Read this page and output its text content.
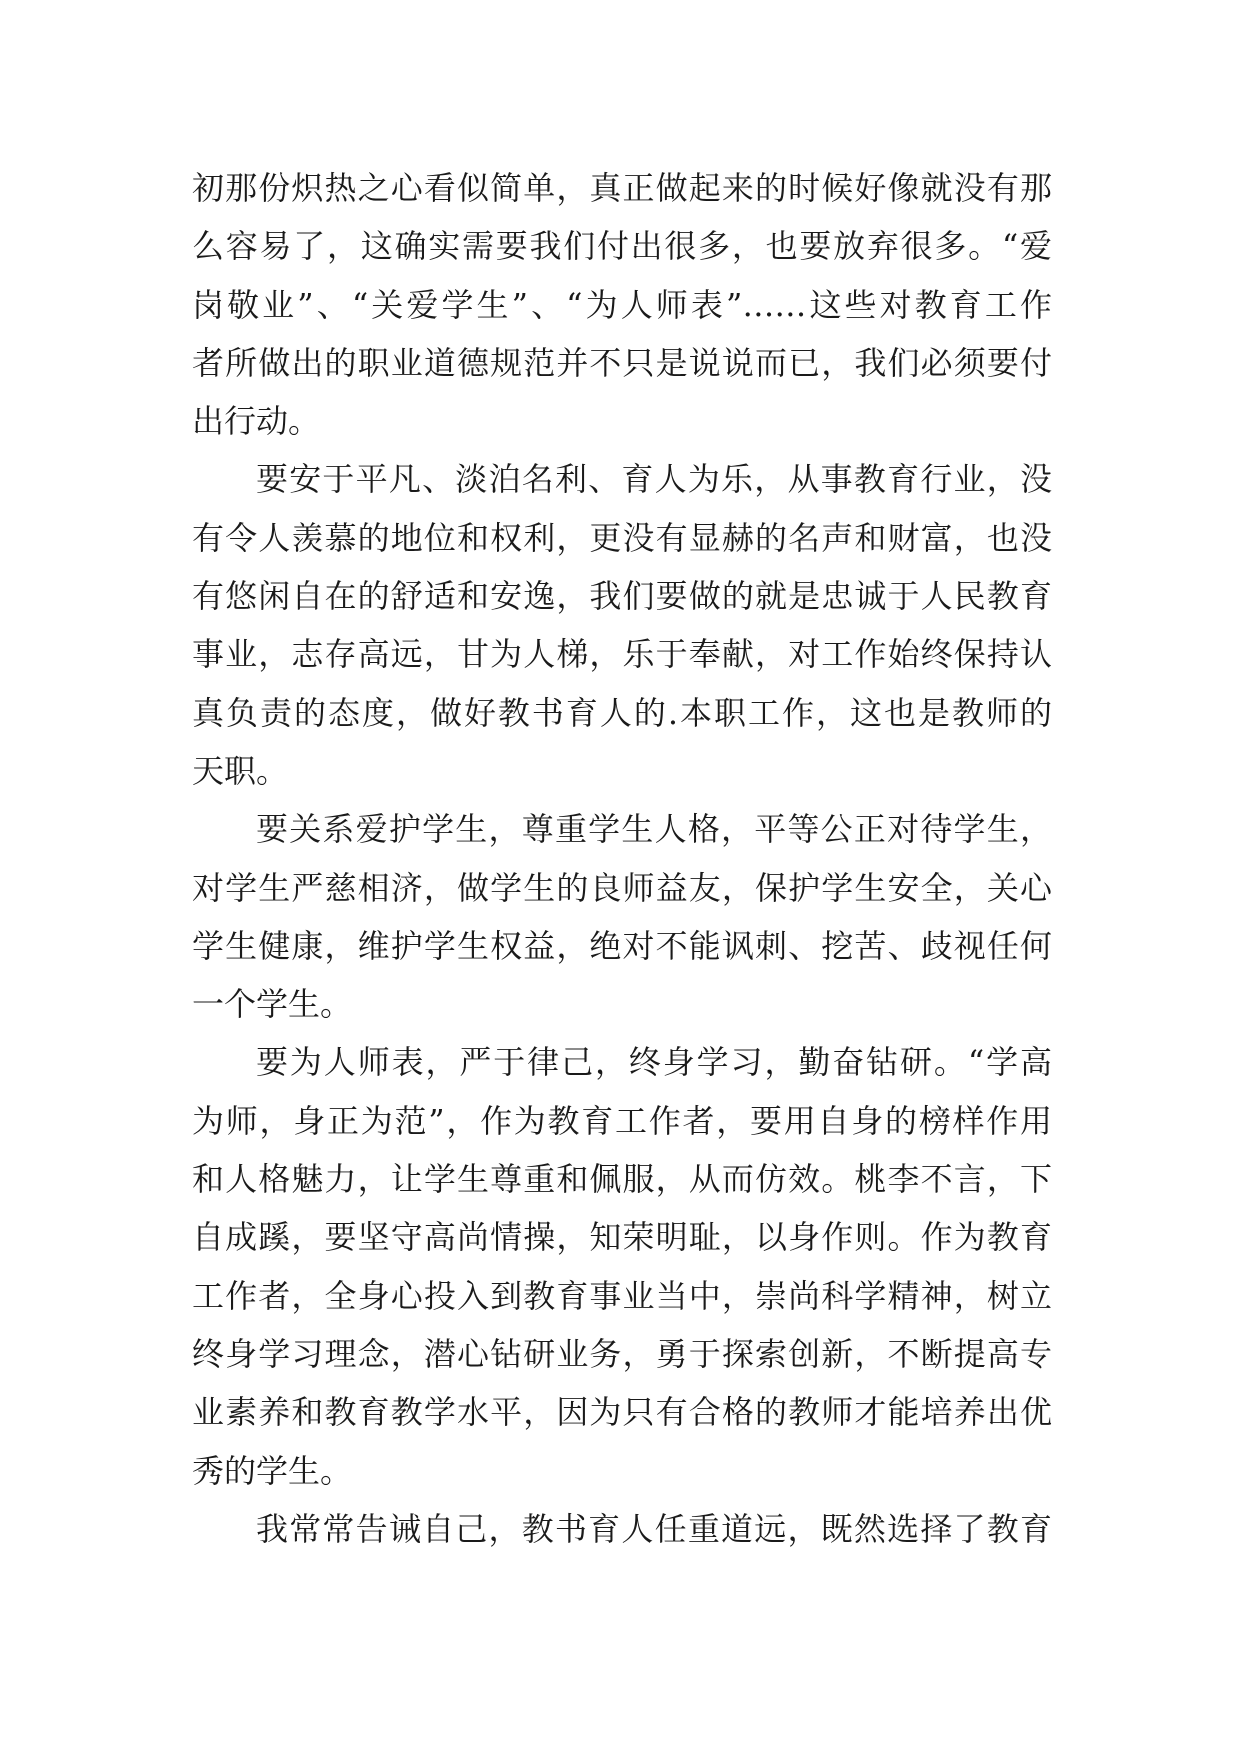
初那份炽热之心看似简单，真正做起来的时候好像就没有那
么容易了，这确实需要我们付出很多，也要放弃很多。“爱
岗敬业”、“关爱学生”、“为人师表”……这些对教育工作
者所做出的职业道德规范并不只是说说而已，我们必须要付
出行动。
要安于平凡、淡泊名利、育人为乐，从事教育行业，没
有令人羡慕的地位和权利，更没有显赫的名声和财富，也没
有悠闲自在的舒适和安逸，我们要做的就是忠诚于人民教育
事业，志存高远，甘为人梯，乐于奉献，对工作始终保持认
真负责的态度，做好教书育人的.本职工作，这也是教师的
天职。
要关系爱护学生，尊重学生人格，平等公正对待学生，
对学生严慈相济，做学生的良师益友，保护学生安全，关心
学生健康，维护学生权益，绝对不能讽刺、挖苦、歧视任何
一个学生。
要为人师表，严于律己，终身学习，勤奋钻研。“学高
为师，身正为范”，作为教育工作者，要用自身的榜样作用
和人格魅力，让学生尊重和佩服，从而仿效。桃李不言，下
自成蹊，要坚守高尚情操，知荣明耻，以身作则。作为教育
工作者，全身心投入到教育事业当中，崇尚科学精神，树立
终身学习理念，潜心钻研业务，勇于探索创新，不断提高专
业素养和教育教学水平，因为只有合格的教师才能培养出优
秀的学生。
我常常告诫自己，教书育人任重道远，既然选择了教育
